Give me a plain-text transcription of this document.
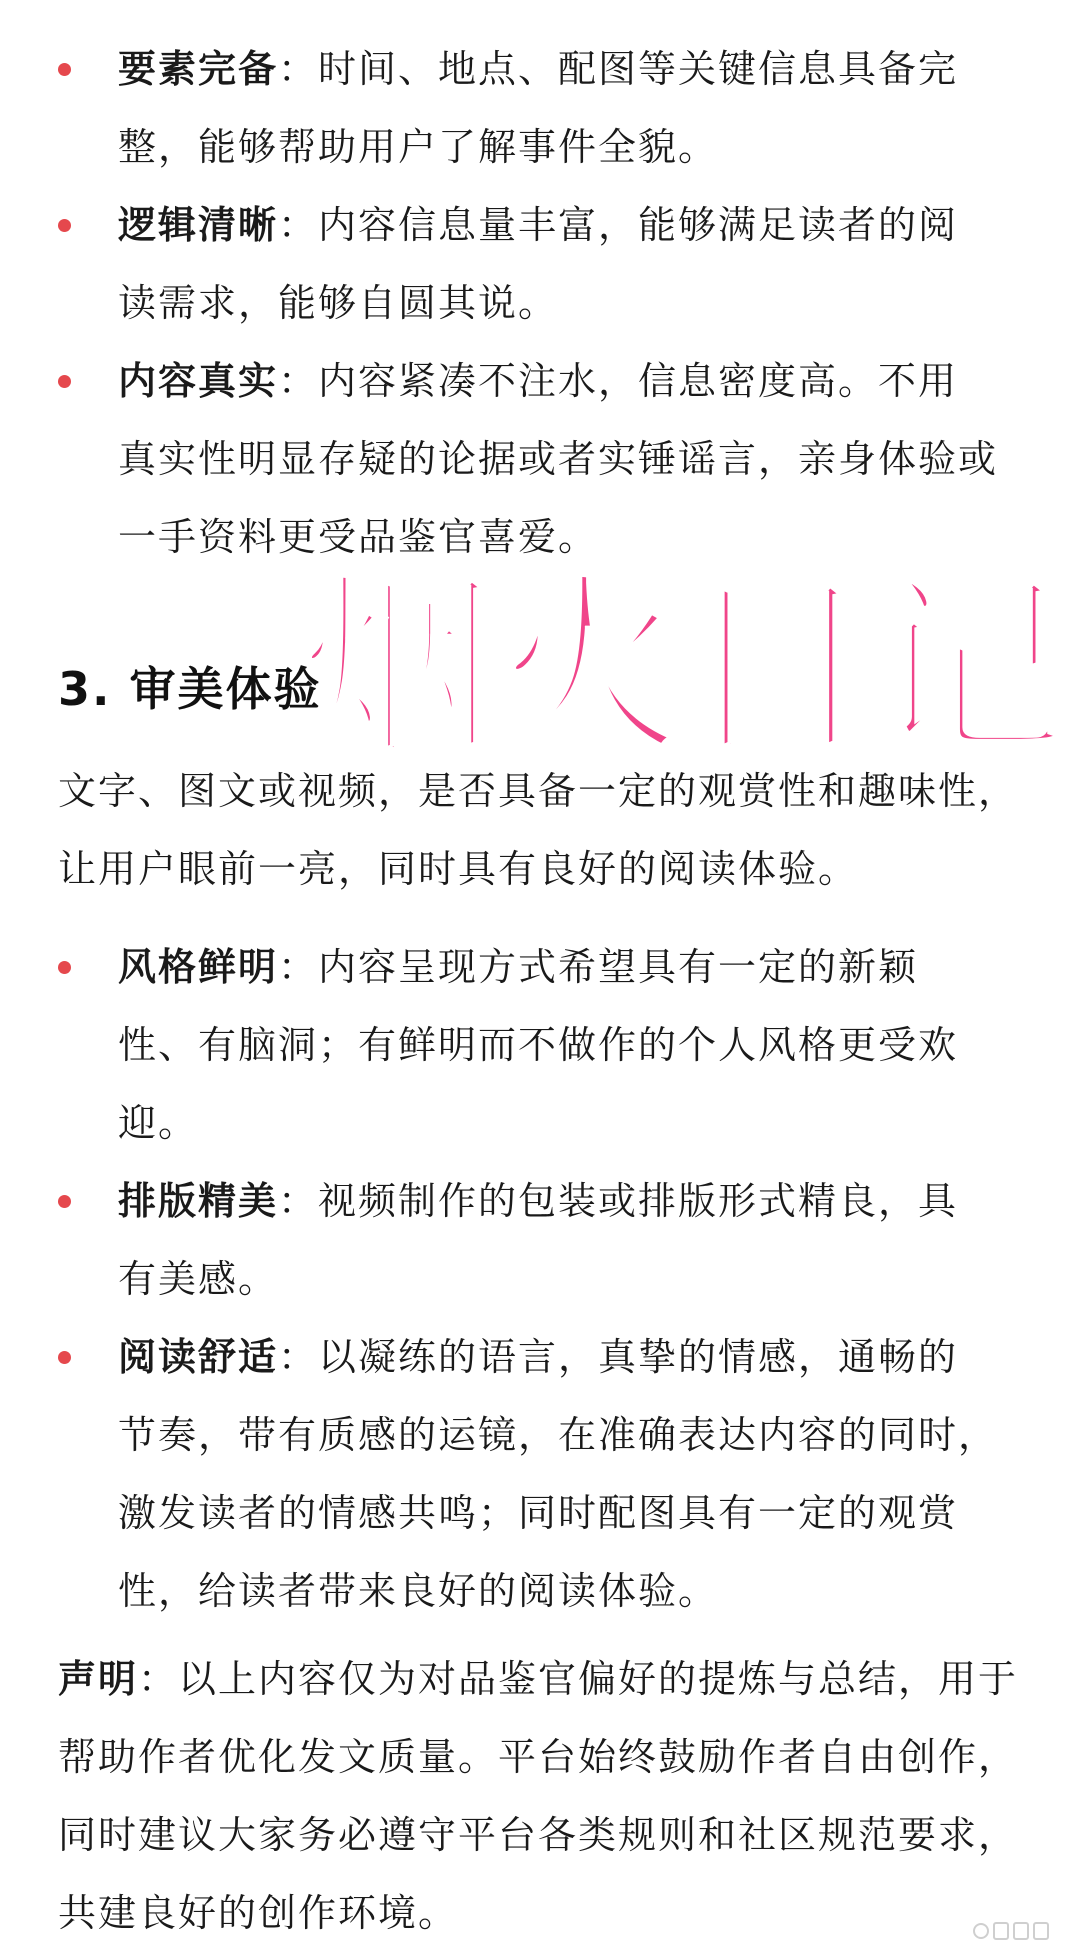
要素完备：时间、地点、配图等关键信息具备完整，能够帮助用户了解事件全貌。
逻辑清晰：内容信息量丰富，能够满足读者的阅读需求，能够自圆其说。
内容真实：内容紧凑不注水，信息密度高。不用真实性明显存疑的论据或者实锤谣言，亲身体验或一手资料更受品鉴官喜爱。
3. 审美体验
文字、图文或视频，是否具备一定的观赏性和趣味性，让用户眼前一亮，同时具有良好的阅读体验。
风格鲜明：内容呈现方式希望具有一定的新颖性、有脑洞；有鲜明而不做作的个人风格更受欢迎。
排版精美：视频制作的包装或排版形式精良，具有美感。
阅读舒适：以凝练的语言，真挚的情感，通畅的节奏，带有质感的运镜，在准确表达内容的同时，激发读者的情感共鸣；同时配图具有一定的观赏性，给读者带来良好的阅读体验。
声明：以上内容仅为对品鉴官偏好的提炼与总结，用于帮助作者优化发文质量。平台始终鼓励作者自由创作，同时建议大家务必遵守平台各类规则和社区规范要求，共建良好的创作环境。
烟火日记
